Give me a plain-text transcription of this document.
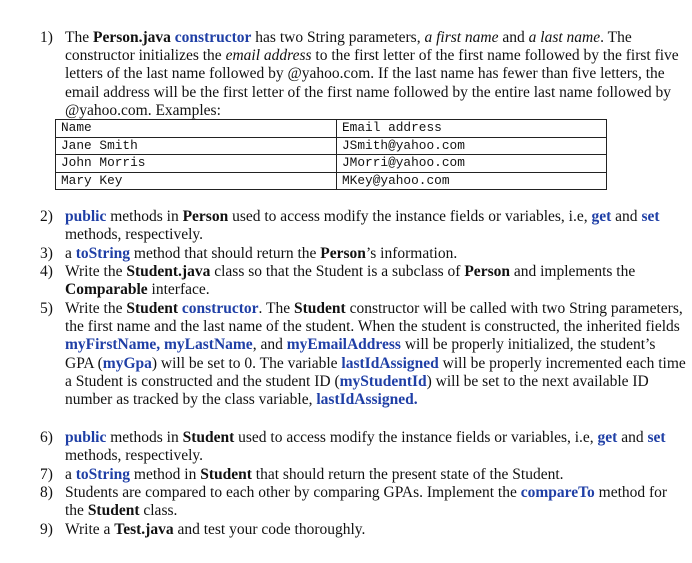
1) The Person.java constructor has two String parameters, a first name and a last name. The constructor initializes the email address to the first letter of the first name followed by the first five letters of the last name followed by @yahoo.com. If the last name has fewer than five letters, the email address will be the first letter of the first name followed by the entire last name followed by @yahoo.com. Examples:
Name	Email address
Jane Smith	JSmith@yahoo.com
John Morris	JMorri@yahoo.com
Mary Key	MKey@yahoo.com
2) public methods in Person used to access modify the instance fields or variables, i.e, get and set methods, respectively.
3) a toString method that should return the Person’s information.
4) Write the Student.java class so that the Student is a subclass of Person and implements the Comparable interface.
5) Write the Student constructor. The Student constructor will be called with two String parameters, the first name and the last name of the student. When the student is constructed, the inherited fields myFirstName, myLastName, and myEmailAddress will be properly initialized, the student’s GPA (myGpa) will be set to 0. The variable lastIdAssigned will be properly incremented each time a Student is constructed and the student ID (myStudentId) will be set to the next available ID number as tracked by the class variable, lastIdAssigned.
6) public methods in Student used to access modify the instance fields or variables, i.e, get and set methods, respectively.
7) a toString method in Student that should return the present state of the Student.
8) Students are compared to each other by comparing GPAs. Implement the compareTo method for the Student class.
9) Write a Test.java and test your code thoroughly.
